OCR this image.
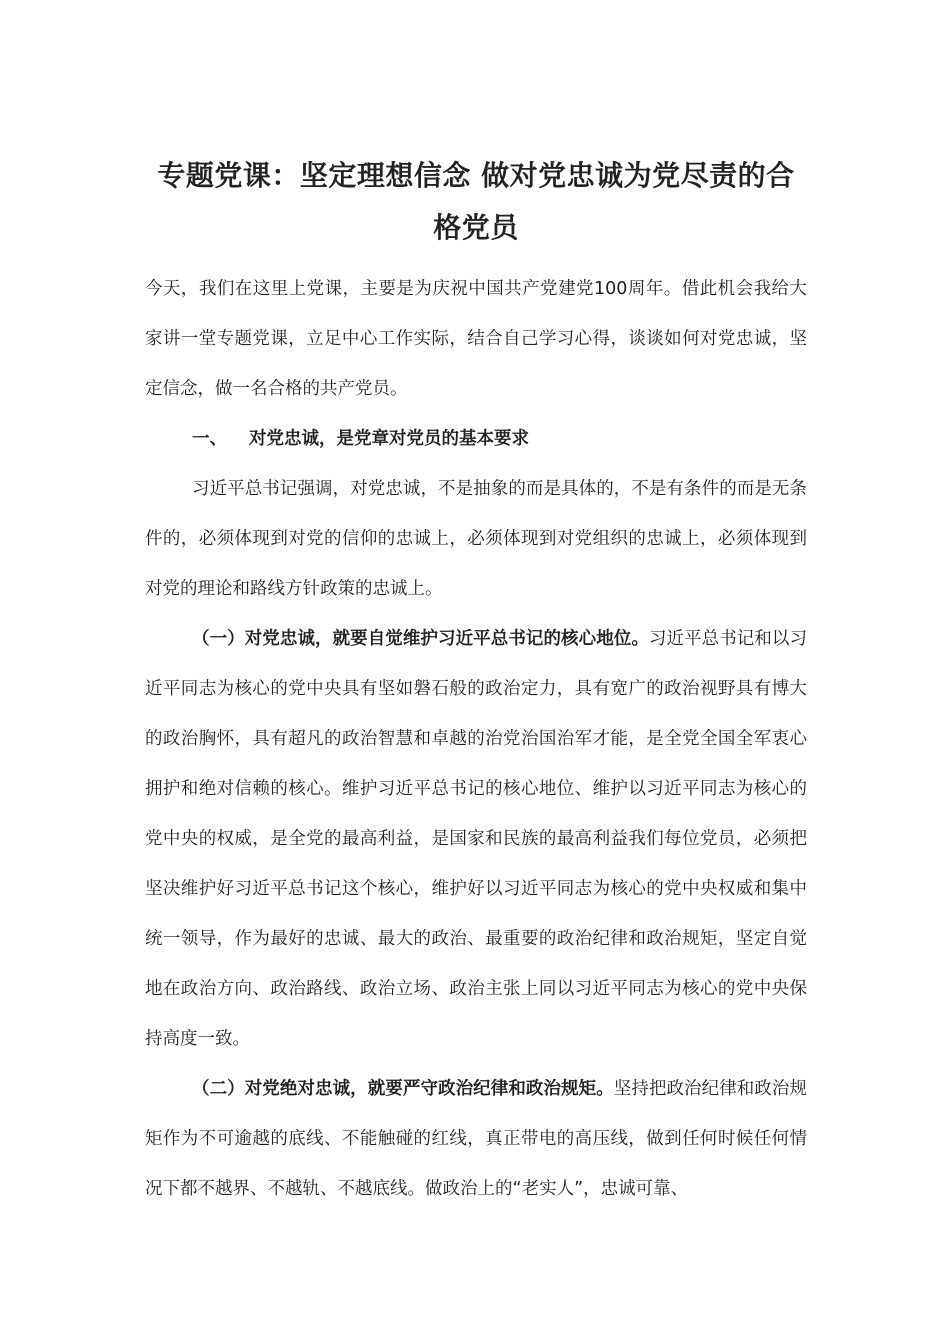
专题党课：坚定理想信念 做对党忠诚为党尽责的合格党员

今天，我们在这里上党课，主要是为庆祝中国共产党建党100周年。借此机会我给大家讲一堂专题党课，立足中心工作实际，结合自己学习心得，谈谈如何对党忠诚，坚定信念，做一名合格的共产党员。

一、 对党忠诚，是党章对党员的基本要求

习近平总书记强调，对党忠诚，不是抽象的而是具体的，不是有条件的而是无条件的，必须体现到对党的信仰的忠诚上，必须体现到对党组织的忠诚上，必须体现到对党的理论和路线方针政策的忠诚上。

（一）对党忠诚，就要自觉维护习近平总书记的核心地位。习近平总书记和以习近平同志为核心的党中央具有坚如磐石般的政治定力，具有宽广的政治视野具有博大的政治胸怀，具有超凡的政治智慧和卓越的治党治国治军才能，是全党全国全军衷心拥护和绝对信赖的核心。维护习近平总书记的核心地位、维护以习近平同志为核心的党中央的权威，是全党的最高利益，是国家和民族的最高利益我们每位党员，必须把坚决维护好习近平总书记这个核心，维护好以习近平同志为核心的党中央权威和集中统一领导，作为最好的忠诚、最大的政治、最重要的政治纪律和政治规矩，坚定自觉地在政治方向、政治路线、政治立场、政治主张上同以习近平同志为核心的党中央保持高度一致。

（二）对党绝对忠诚，就要严守政治纪律和政治规矩。坚持把政治纪律和政治规矩作为不可逾越的底线、不能触碰的红线，真正带电的高压线，做到任何时候任何情况下都不越界、不越轨、不越底线。做政治上的“老实人”，忠诚可靠、
